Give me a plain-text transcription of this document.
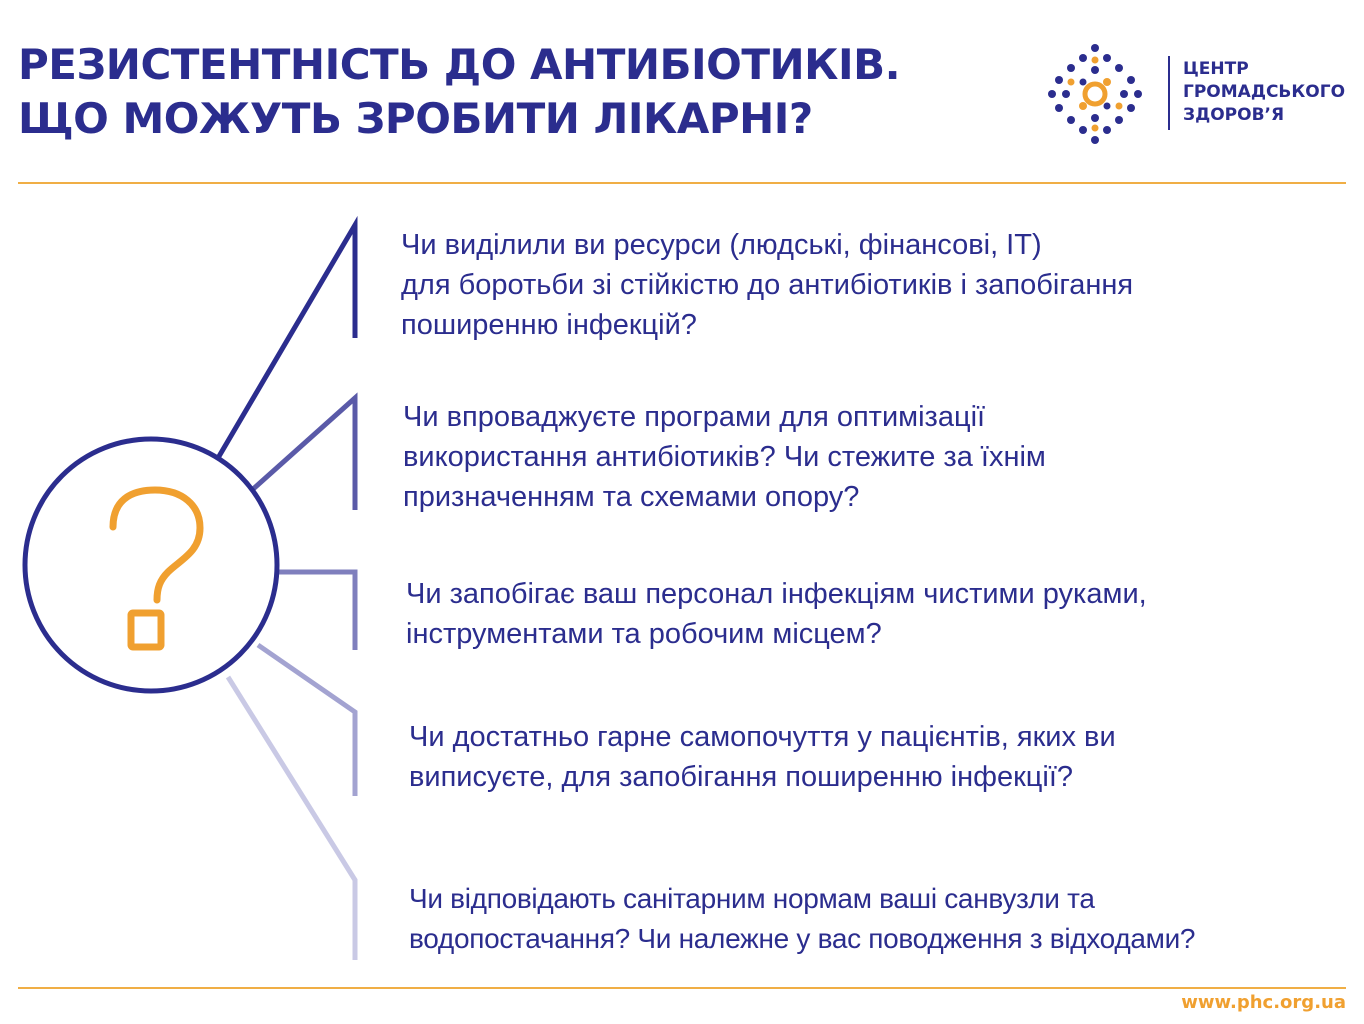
РЕЗИСТЕНТНІСТЬ ДО АНТИБІОТИКІВ.
ЩО МОЖУТЬ ЗРОБИТИ ЛІКАРНІ?
ЦЕНТР
ГРОМАДСЬКОГО
ЗДОРОВ’Я
Чи виділили ви ресурси (людські, фінансові, IT)
для боротьби зі стійкістю до антибіотиків і запобігання
поширенню інфекцій?
Чи впроваджуєте програми для оптимізації
використання антибіотиків? Чи стежите за їхнім
призначенням та схемами опору?
Чи запобігає ваш персонал інфекціям чистими руками,
інструментами та робочим місцем?
Чи достатньо гарне самопочуття у пацієнтів, яких ви
виписуєте, для запобігання поширенню інфекції?
Чи відповідають санітарним нормам ваші санвузли та
водопостачання? Чи належне у вас поводження з відходами?
www.phc.org.ua
